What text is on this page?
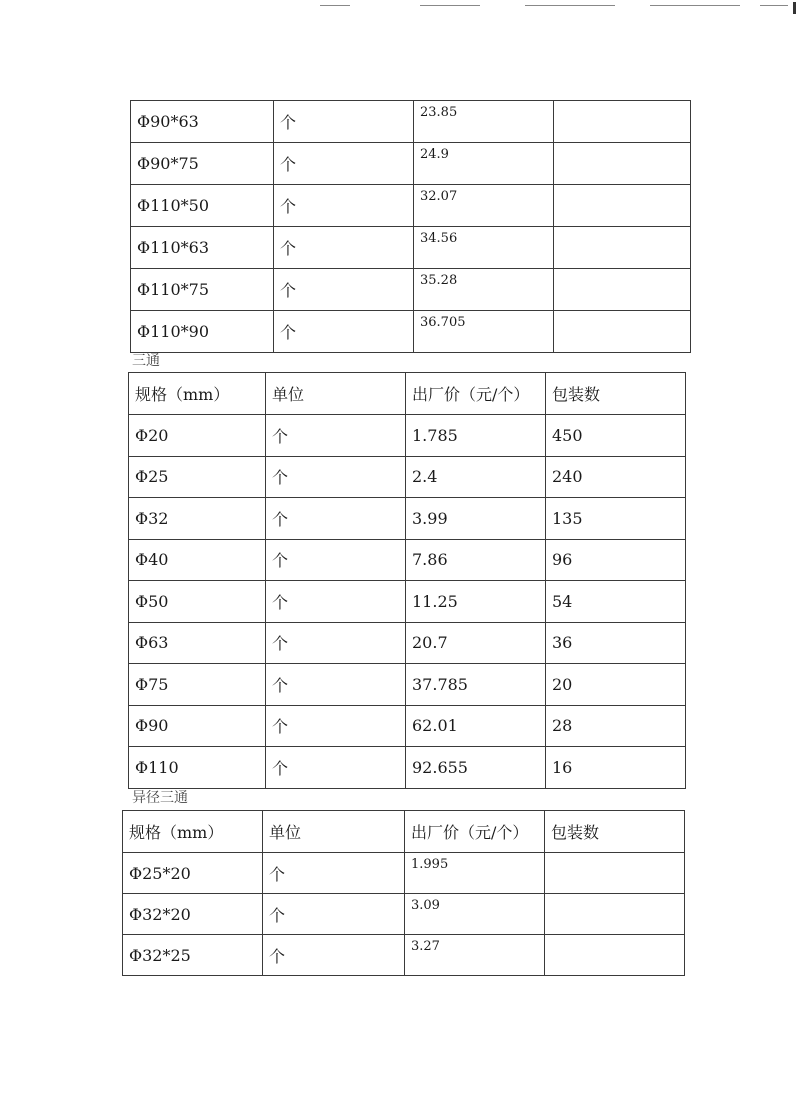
Φ90*63	个	23.85	
Φ90*75	个	24.9	
Φ110*50	个	32.07	
Φ110*63	个	34.56	
Φ110*75	个	35.28	
Φ110*90	个	36.705	
三通
规格（mm）	单位	出厂价（元/个）	包装数
Φ20	个	1.785	450
Φ25	个	2.4	240
Φ32	个	3.99	135
Φ40	个	7.86	96
Φ50	个	11.25	54
Φ63	个	20.7	36
Φ75	个	37.785	20
Φ90	个	62.01	28
Φ110	个	92.655	16
异径三通
规格（mm）	单位	出厂价（元/个）	包装数
Φ25*20	个	1.995	
Φ32*20	个	3.09	
Φ32*25	个	3.27	
